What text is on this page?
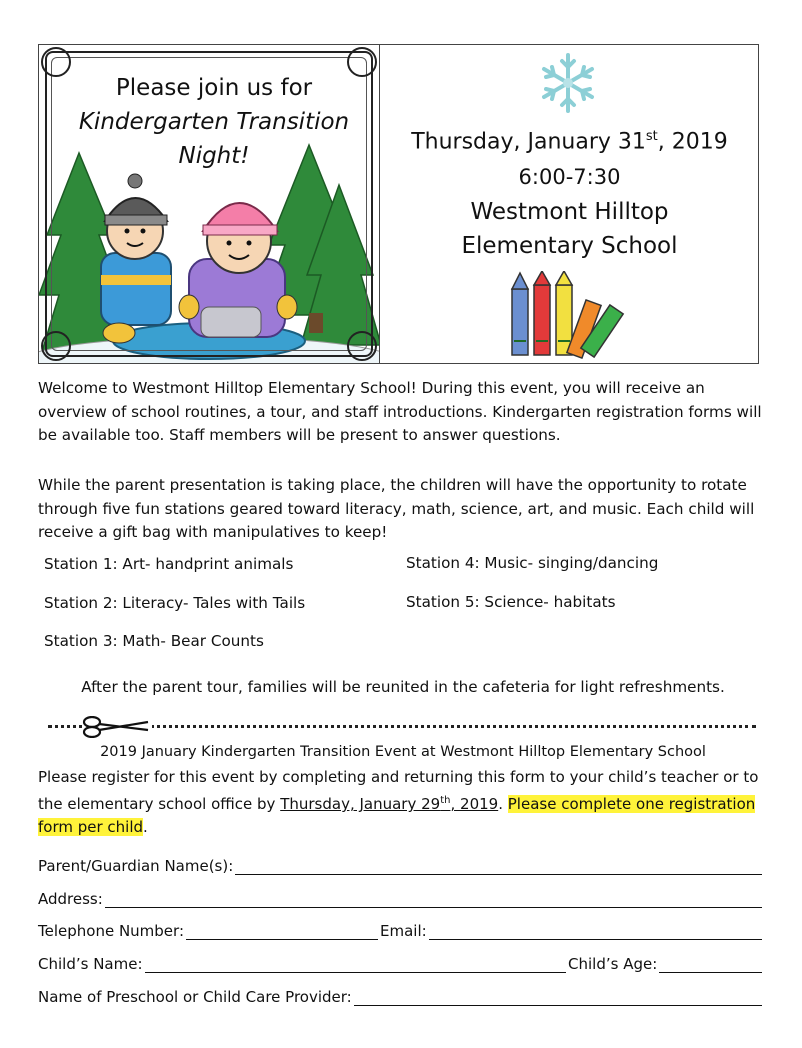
Please join us for

Kindergarten Transition
Night!
Thursday, January 31st, 2019
6:00-7:30
Westmont Hilltop
Elementary School
Welcome to Westmont Hilltop Elementary School! During this event, you will receive an overview of school routines, a tour, and staff introductions. Kindergarten registration forms will be available too. Staff members will be present to answer questions.
While the parent presentation is taking place, the children will have the opportunity to rotate through five fun stations geared toward literacy, math, science, art, and music. Each child will receive a gift bag with manipulatives to keep!
Station 1: Art- handprint animals
Station 2: Literacy- Tales with Tails
Station 3: Math- Bear Counts
Station 4: Music- singing/dancing
Station 5: Science- habitats
After the parent tour, families will be reunited in the cafeteria for light refreshments.
2019 January Kindergarten Transition Event at Westmont Hilltop Elementary School
Please register for this event by completing and returning this form to your child’s teacher or to the elementary school office by Thursday, January 29th, 2019. Please complete one registration form per child.
Parent/Guardian Name(s):
Address:
Telephone Number:	Email:
Child’s Name:	Child’s Age:
Name of Preschool or Child Care Provider:
